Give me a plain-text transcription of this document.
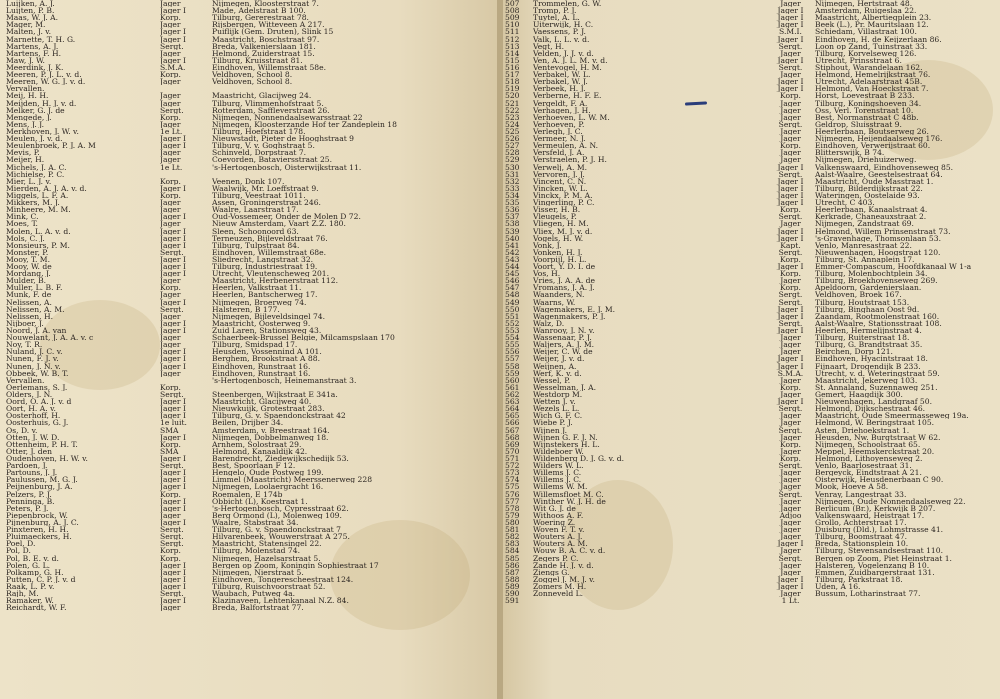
Luijken, A. J.
Luijten, P. B.
Maas, W. J. A.
Mager, M.
Malten, J. v.
Marnette, T. H. G.
Martens, A. J.
Martens, F. H.
Maw, J. W.
Meerdink, J. K.
Meeren, P. J. L. v. d.
Meeren, W. G. J. v. d.
Vervallen.
Meij, H. H.
Meijden, H. J. v. d.
Melker, G. J. de
Mengede, J.
Mens, J. J.
Merkhoven, J. W. v.
Meulen, J. v. d.
Meulenbroek, P. J. A. M
Mevis, P.
Meijer, H.
Michels, J. A. C.
Michielse, P. C.
Mier, L. J. v.
Mierden, A. J. A. v. d.
Miggels, L. F. A.
Mikkers, M. J.
Minheere, M. M.
Mink, C.
Moes, T.
Molen, L. A. v. d.
Mols, C. J.
Monsieurs, P. M.
Monster, P.
Mooy, T. M.
Mooy, W. de
Mordang, J.
Mulder, B.
Muller, L. B. F.
Munk, F. de
Nelissen, A.
Nelissen, A. M.
Nelissen, H.
Nijboer, J.
Noord, J. A. van
Nouwelant, J. A. A. v. c
Noy, T. R.
Nuland, J. C. v.
Nunen, F. J. v.
Nunen, J. N. v.
Obbeek, W. B. T.
Vervallen.
Oerlemans, S. J.
Olders, J. N.
Oord, O. A. J. v. d
Oort, H. A. v.
Oosterhoff, H.
Oosterhuis, G. J.
Os, D. v.
Otten, J. W. D.
Ottenheim, P. H. T.
Otter, J. den
Oudenhoven, H. W. v.
Pardoen, J.
Partouns, J. J.
Paulussen, M. G. J.
Peijnenburg, J. A.
Pelzers, P. J.
Penninga, B.
Peters, P. J.
Piepenbrock, W.
Pijnenburg, A. J. C.
Pinxteren, H. H.
Pluimaeckers, H.
Poel, D.
Pol, D.
Pol, B. E. v. d.
Polen, G. L.
Polkamp, G. H.
Putten, C. P. J. v. d
Raak, L. P. v.
Rajh, M.
Ramaker, W.
Reichardt, W. F.
Jager
Jager I
Korp.
Jager
Jager I
Jager I
Sergt.
Jager
Jager I
S.M.A.
Korp.
Jager
Jager
Jager
Sergt.
Korp.
Jager
1e Lt.
Jager I
Jager I
Jager
Jager
1e Lt.
Korp.
Jager I
Korp.
Jager
Jager
Jager I
Jager
Jager I
Jager I
Jager I
Sergt.
Jager I
Jager I
Jager I
Jager
Korp.
Jager
Jager I
Sergt.
Jager
Jager I
Jager I
Jager
Jager
Jager I
Jager I
Jager I
Jager
Korp.
Sergt.
Jager I
Jager I
Jager I
1e luit.
SMA
Jager I
Korp.
SMA
Jager I
Sergt.
Jager I
Jager I
Jager I
Korp.
Jager I
Jager I
Jager
Jager I
Sergt.
Sergt.
Sergt.
Korp.
Korp.
Jager I
Jager I
Jager I
Jager I
Sergt.
Jager I
Jager
Nijmegen, Kloosterstraat 7.
Made, Adelstraat B 100.
Tilburg, Gererestraat 78.
Rijsbergen, Witteveen A 217.
Puiflijk (Gem. Druten), Slink 15
Maastricht, Boschstraat 97.
Breda, Valkenierslaan 181.
Helmond, Zuiderstraat 15.
Tilburg, Kruisstraat 81.
Eindhoven, Willemstraat 58e.
Veldhoven, School 8.
Veldhoven, School 8.
Maastricht, Glacijweg 24.
Tilburg, Vlimmenhofstraat 5.
Rotterdam, Saffleverstraat 26.
Nijmegen, Nonnendaalsewarsstraat 22
Nijmegen, Kloosterzande Hof ter Zandeplein 18
Tilburg, Hoefstraat 178.
Nieuwstadt, Pieter de Hooghstraat 9
Tilburg, V. v. Goghstraat 5.
Schinveld, Dorpstraat 7.
Coevorden, Bataviersstraat 25.
's-Hertogenbosch, Oisterwijkstraat 11.
Veenen, Donk 107.
Waalwijk, Mr. Loeffstraat 9.
Tilburg, Veestraat 1011.
Assen, Groningerstraat 246.
Waalre, Laarstraat 17.
Oud-Vossemeer, Onder de Molen D 72.
Nieuw Amsterdam, Vaart Z.Z. 180.
Sleen, Schoonoord 63.
Terneuzen, Bijleveldstraat 76.
Tilburg, Tulpstraat 84.
Eindhoven, Willemstraat 68e.
Sliedrecht, Langstraat 32.
Tilburg, Industriestraat 19.
Utrecht, Vleutenscheweg 201.
Maastricht, Herbenerstraat 112.
Heerlen, Valkstraat 11.
Heerlen, Bantscherweg 17.
Nijmegen, Broerweg 74.
Halsteren, B 177.
Nijmegen, Bijleveldsingel 74.
Maastricht, Oosterweg 9.
Zuid Laren, Stationsweg 43.
Schaerbeek-Brussel Belgie, Milcamspslaan 170
Tilburg, Smidspad 17.
Heusden, Vossennind A 101.
Berghem, Brookstraat A 88.
Eindhoven, Runstraat 16.
Eindhoven, Runstraat 16.
's-Hertogenbosch, Heinemanstraat 3.
Steenbergen, Wijkstraat E 341a.
Maastricht, Glacijweg 40.
Nieuwkuijk, Grotestraat 283.
Tilburg, G. v. Spaendonckstraat 42
Beilen, Drijber 34.
Amsterdam, v. Breestraat 164.
Nijmegen, Dobbelmanweg 18.
Arnhem, Solostraat 29.
Helmond, Kanaaldijk 42.
Barendrecht, Ziedewijkschedijk 53.
Best, Spoorlaan F 12.
Hengelo, Oude Postweg 199.
Limmel (Maastricht) Meerssenerweg 228
Nijmegen, Loolaergracht 16.
Roemalen, E 174b
Obbicht (L), Koestraat 1.
's-Hertogenbosch, Cypresstraat 62.
Berg Ormond (L), Molenweg 109.
Waalre, Stabstraat 34.
Tilburg, G. v. Spaendonckstraat 7
Hilvarenbeek, Wouwerstraat A 275.
Maastricht, Statensingel 22.
Tilburg, Molenstad 74.
Nijmegen, Hazelsarstraat 5.
Bergen op Zoom, Koningin Sophiestraat 17
Nijmegen, Nierstraat 5.
Eindhoven, Tongerescheestraat 124.
Tilburg, Ruischvoorstraat 52.
Waubach, Putweg 4a.
Klazinaveen, Lehtenkanaal N.Z. 84.
Breda, Balfortstraat 77.
507
508
509
510
511
512
513
514
515
516
517
518
519
520
521
522
523
524
525
526
527
528
529
530
531
532
533
534
535
536
537
538
539
540
541
542
543
544
545
546
547
548
549
550
551
552
553
554
555
556
557
558
559
560
561
562
563
564
565
566
567
568
569
570
571
572
573
574
575
576
577
578
579
580
581
582
583
584
585
586
587
588
589
590
591
Trommelen, G. W.
Tromp, P. J.
Tuytel, A. L.
Uiterwijk, H. C.
Vaessens, P. J.
Valk, L. L. v. d.
Vegt, H.
Velden, J. J. v. d.
Ven, A. J. L. M. v. d.
Ventevogel, H. M.
Verbakel, W. L.
Verbakel, W. J.
Verbeek, H. J.
Verberne, H. F. E.
Vergeldt, F. A.
Verhagen, J. H.
Verhoeven, L. W. M.
Verhoeven, P.
Verlegh, J. C.
Vermeer, N. J.
Vermeulen, A. N.
Versfeld, J. A.
Verstraelen, P. J. H.
Verwelj, A. M.
Vervoren, J. J.
Vincent, C. N.
Vincken, W. L.
Vinckx, P. M. A.
Vingerling, P. C.
Visser, H. B.
Vleugels, P.
Vliegen, H. M.
Vliex, M. J. v. d.
Vogels, H. W.
Vonk, J.
Vonken, H. J.
Voorpijl, H. L.
Voort, Y. D. I. de
Vos, H.
Vries, J. A. A. de
Vromans, J. A. J.
Waanders, N.
Waarns, W.
Wagemakers, E. J. M.
Wagenmakers, P. J.
Walz, D.
Wanrooy, J. N. v.
Wassenaar, P. J.
Waljers, A. J. M.
Weijer, C. W. de
Weijer, J. v. d.
Weijnen, A.
Werf, K. v. d.
Wessel, P.
Wesselman, J. A.
Westdorp M.
Wetten J. v.
Wezels L. L.
Wich G. F. C.
Wiebe P. J.
Wijnen J.
Wijnen G. F. J. N.
Wijnstekers H. L.
Wildeboer W.
Wildenberg D. J. G. v. d.
Wilders W. L.
Willems J. C.
Willems J. C.
Willems W. M.
Willemsfloet M. C.
Winther W. J. H. de
Wit G. J. de
Withoos A. F.
Woering Z.
Woven F. T. v.
Wouters A. J.
Wouters A. M.
Wouw B. A. C. v. d.
Zegers P. C.
Zande H. J. v. d.
Ziengs G.
Zoggel J. M. J. v.
Zomers M. H.
Zonneveld L.
Jager
Jager I
Jager I
Jager I
S.M.I.
Jager I
Sergt.
Jager
Jager I
Sergt.
Jager
Jager I
Jager I
Korp.
Jager
Jager
Jager
Sergt.
Jager
Jager
Korp.
Jager
Jager
Jager I
Sergt.
Jager I
Jager I
Jager I
Jager I
Korp.
Sergt.
Jager
Jager I
Jager I
Kapt.
Sergt.
Korp.
Jager I
Korp.
Jager
Korp.
Sergt.
Sergt.
Jager I
Jager I
Sergt.
Jager I
Jager
Jager
Jager
Jager I
Jager I
S.M.A.
Jager
Korp.
Jager
Jager I
Sergt.
Jager
Jager
Sergt.
Jager
Korp.
Jager
Korp.
Sergt.
Jager
Jager
Jager
Sergt.
Jager
Jager
Adjoo
Jager
Jager
Jager
Jager I
Jager
Sergt.
Jager
Jager
Jager I
Jager I
Jager
1 Lt.
Nijmegen, Hertstraat 48.
Amsterdam, Ruigeslaa 22.
Maastricht, Albertiegplein 23.
Beek (L.), Pr. Mauritslaan 12.
Schiedam, Villastraat 100.
Eindhoven, H. de Keijzerlaan 86.
Loon op Zand, Tuinstraat 33.
Tilburg, Korvelseweg 126.
Utrecht, Prinsstraat 6.
Stiphout, Warandelaan 162.
Helmond, Hemelrijkstraat 76.
Utrecht, Adelaarstraat 45B.
Helmond, Van Hoeckstraat 7.
Horst, Loevestraat B 233.
Tilburg, Koningshoeven 34.
Oss, Verl. Torenstraat 10.
Best, Normanstraat C 48b.
Geldrop, Sluisstraat 9.
Heerlerbaan, Boutserweg 26.
Nijmegen, Heijendaalseweg 176.
Eindhoven, Verwerijstraat 60.
Blitterswijk, B 74.
Nijmegen, Driehuizerweg.
Valkenswaard, Eindhovenseweg 85.
Aalst-Waalre, Geestelsestraat 64.
Maastricht, Oude Masstraat 1.
Tilburg, Bilderdijkstraat 22.
Wateringen, Oostelaide 93.
Utrecht, C 403.
Heerlerbaan, Kanaalstraat 4.
Kerkrade, Chaneauxstraat 2.
Nijmegen, Zandstraat 69.
Helmond, Willem Prinsenstraat 73.
's-Gravenhage, Thomsonlaan 53.
Venlo, Manresastraat 22.
Nieuwenhagen, Hoogstraat 120.
Tilburg, St. Annaplein 17.
Emmer-Compascum, Hoofdkanaal W 1-a
Tilburg, Molenbochtplein 34.
Tilburg, Broekhovenseweg 269.
Apeldoorn, Gardenierslaan.
Veldhoven, Broek 167.
Tilburg, Houtstraat 153.
Tilburg, Binghaan Oost 9d.
Zaandam, Rootmolenstraat 160.
Aalst-Waalre, Stationsstraat 108.
Heerlen, Hermelijnstraat 4.
Tilburg, Ruiterstraat 18.
Tilburg, G. Brandtstraat 35.
Beirchen, Dorp 121.
Eindhoven, Hyacintstraat 18.
Fijnaart, Drogendijk B 233.
Utrecht, v. d. Weteringstraat 59.
Maastricht, Jekerweg 103.
St. Annaland, Suzennaweg 251.
Gemert, Haagdijk 300.
Nieuwenhagen, Landgraaf 50.
Helmond, Dijkschestraat 46.
Maastricht, Oude Smeermasseweg 19a.
Helmond, W. Beringstraat 105.
Asten, Driehoekstraat 1.
Heusden, Nw. Burgtstraat W 62.
Nijmegen, Schoolstraat 65.
Meppel, Heemskerckstraat 20.
Helmond, Lithoyenseweg 2.
Venlo, Baarlosestraat 31.
Bergeyck, Eindtstraat A 21.
Oisterwijk, Heusdenerbaan C 90.
Mook, Hoeve A 58.
Venray, Langestraat 33.
Nijmegen, Oude Nonnendaalseweg 22.
Berlicum (Br.), Kerkwijk B 207.
Valkenswaard, Heistraat 17.
Grollo, Achterstraat 17.
Duisburg (Dld.), Lohmstrasse 41.
Tilburg, Boomstraat 47.
Breda, Stationsplein 10.
Tilburg, Stevensandsestraat 110.
Bergen op Zoom, Piet Heinstraat 1.
Halsteren, Vogelenzang B 10.
Emmen, Zuidbargerstraat 131.
Tilburg, Parkstraat 18.
Uden, A 16.
Bussum, Lotharinstraat 77.
